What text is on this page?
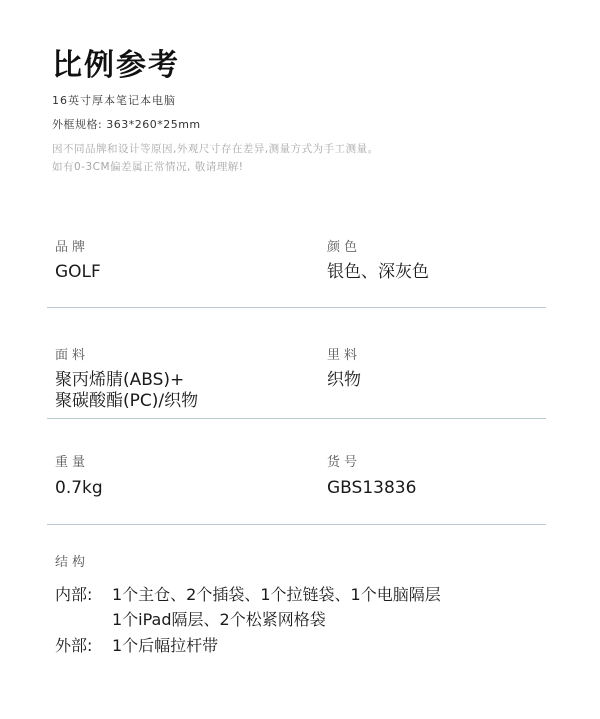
比例参考
16英寸厚本笔记本电脑
外框规格: 363*260*25mm
因不同品牌和设计等原因,外观尺寸存在差异,测量方式为手工测量。
如有0-3CM偏差属正常情况, 敬请理解!
品牌
GOLF
颜色
银色、深灰色
面料
聚丙烯腈(ABS)+
聚碳酸酯(PC)/织物
里料
织物
重量
0.7kg
货号
GBS13836
结构
内部: 1个主仓、2个插袋、1个拉链袋、1个电脑隔层
1个iPad隔层、2个松紧网格袋
外部: 1个后幅拉杆带
